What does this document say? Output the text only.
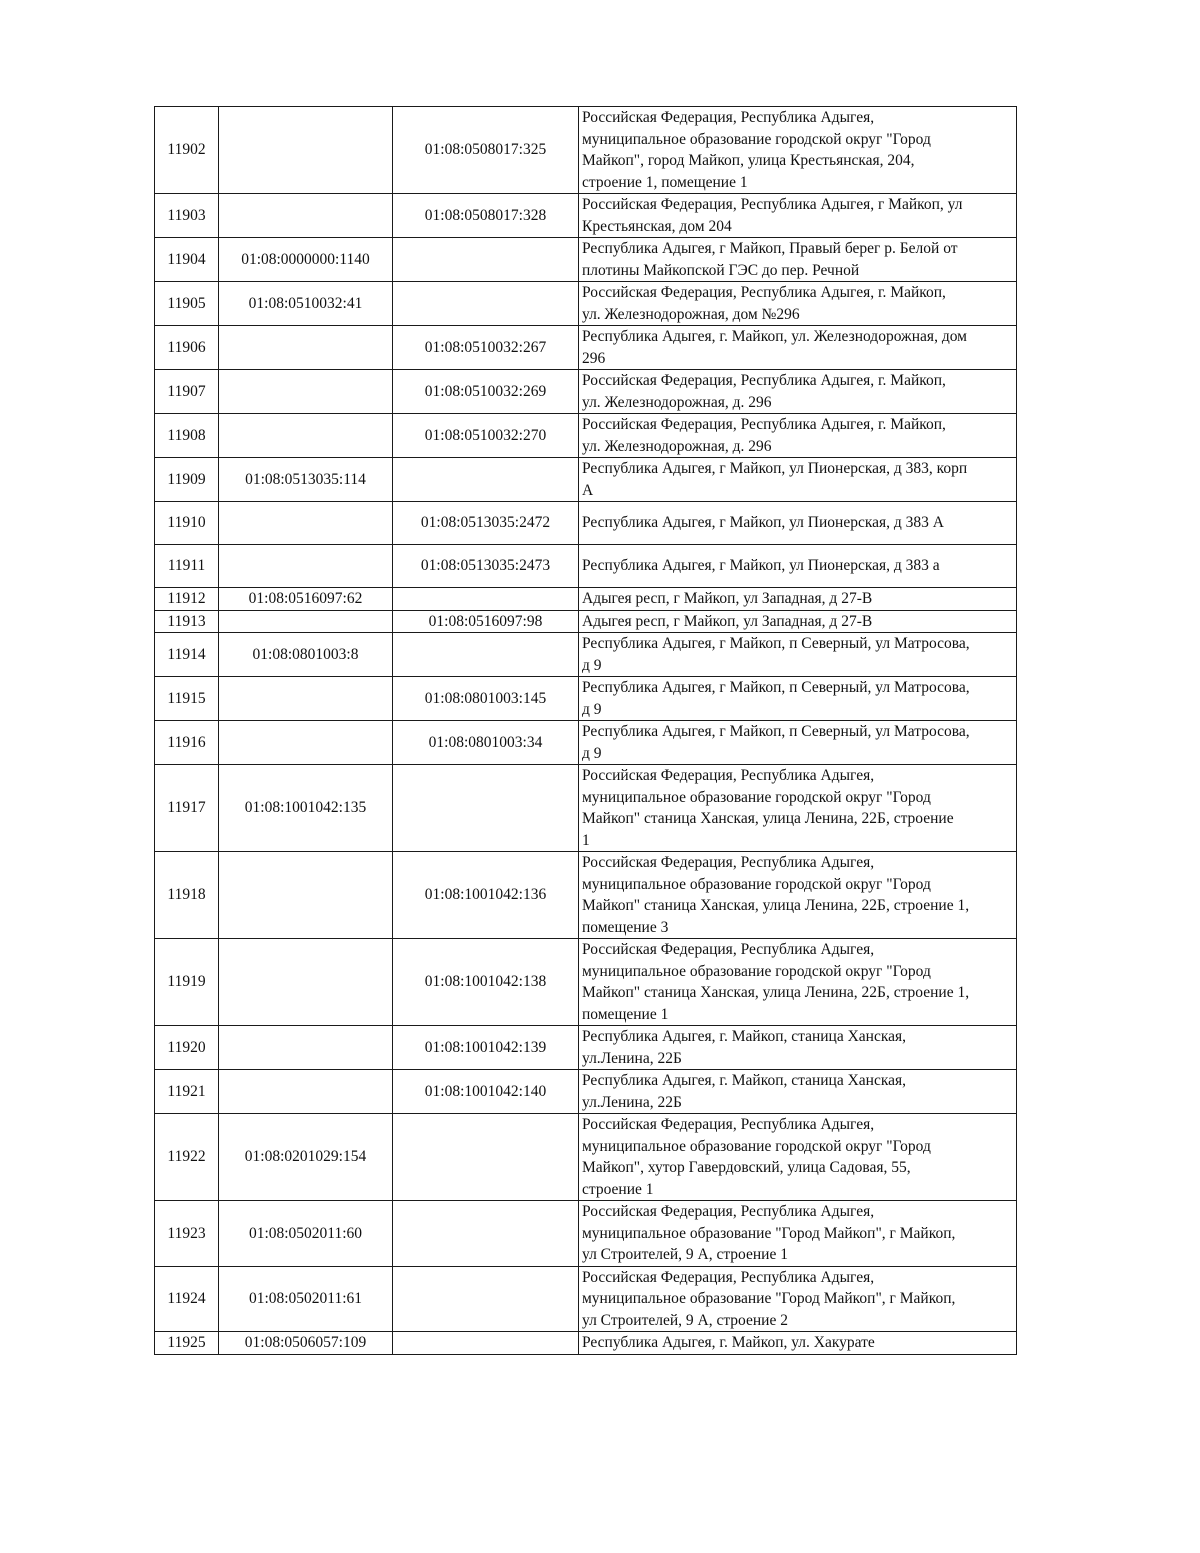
11902		01:08:0508017:325	Российская Федерация, Республика Адыгея,
муниципальное образование городской округ "Город
Майкоп", город Майкоп, улица Крестьянская, 204,
строение 1, помещение 1

11903		01:08:0508017:328	Российская Федерация, Республика Адыгея, г Майкоп, ул
Крестьянская, дом 204

11904	01:08:0000000:1140		Республика Адыгея, г Майкоп, Правый берег р. Белой от
плотины Майкопской ГЭС до пер. Речной

11905	01:08:0510032:41		Российская Федерация, Республика Адыгея, г. Майкоп,
ул. Железнодорожная, дом №296

11906		01:08:0510032:267	Республика Адыгея, г. Майкоп, ул. Железнодорожная, дом
296

11907		01:08:0510032:269	Российская Федерация, Республика Адыгея, г. Майкоп,
ул. Железнодорожная, д. 296

11908		01:08:0510032:270	Российская Федерация, Республика Адыгея, г. Майкоп,
ул. Железнодорожная, д. 296

11909	01:08:0513035:114		Республика Адыгея, г Майкоп, ул Пионерская, д 383, корп
А

11910		01:08:0513035:2472	Республика Адыгея, г Майкоп, ул Пионерская, д 383 А

11911		01:08:0513035:2473	Республика Адыгея, г Майкоп, ул Пионерская, д 383 а

11912	01:08:0516097:62		Адыгея респ, г Майкоп, ул Западная, д 27-В

11913		01:08:0516097:98	Адыгея респ, г Майкоп, ул Западная, д 27-В

11914	01:08:0801003:8		Республика Адыгея, г Майкоп, п Северный, ул Матросова,
д 9

11915		01:08:0801003:145	Республика Адыгея, г Майкоп, п Северный, ул Матросова,
д 9

11916		01:08:0801003:34	Республика Адыгея, г Майкоп, п Северный, ул Матросова,
д 9

11917	01:08:1001042:135		Российская Федерация, Республика Адыгея,
муниципальное образование городской округ "Город
Майкоп" станица Ханская, улица Ленина, 22Б, строение
1

11918		01:08:1001042:136	Российская Федерация, Республика Адыгея,
муниципальное образование городской округ "Город
Майкоп" станица Ханская, улица Ленина, 22Б, строение 1,
помещение 3

11919		01:08:1001042:138	Российская Федерация, Республика Адыгея,
муниципальное образование городской округ "Город
Майкоп" станица Ханская, улица Ленина, 22Б, строение 1,
помещение 1

11920		01:08:1001042:139	Республика Адыгея, г. Майкоп, станица Ханская,
ул.Ленина, 22Б

11921		01:08:1001042:140	Республика Адыгея, г. Майкоп, станица Ханская,
ул.Ленина, 22Б

11922	01:08:0201029:154		Российская Федерация, Республика Адыгея,
муниципальное образование городской округ "Город
Майкоп", хутор Гавердовский, улица Садовая, 55,
строение 1

11923	01:08:0502011:60		Российская Федерация, Республика Адыгея,
муниципальное образование "Город Майкоп", г Майкоп,
ул Строителей, 9 А, строение 1

11924	01:08:0502011:61		Российская Федерация, Республика Адыгея,
муниципальное образование "Город Майкоп", г Майкоп,
ул Строителей, 9 А, строение 2

11925	01:08:0506057:109		Республика Адыгея, г. Майкоп, ул. Хакурате
